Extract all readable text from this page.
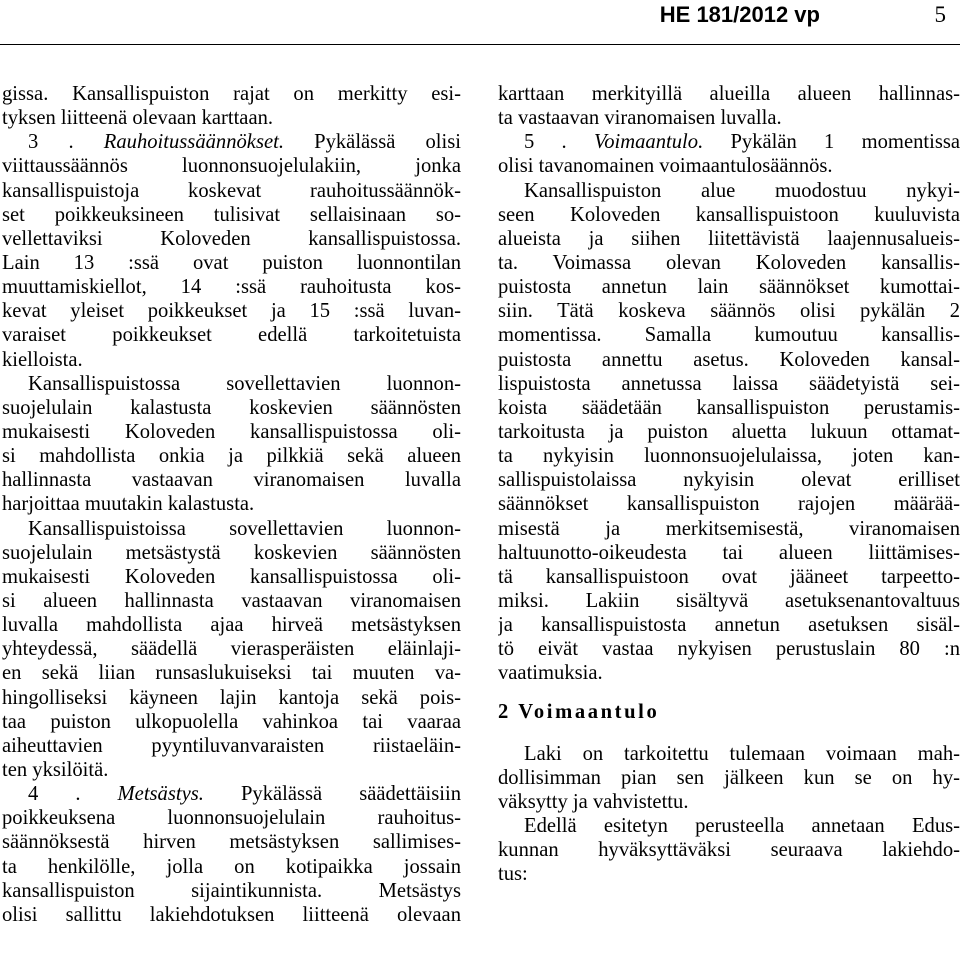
HE 181/2012 vp	5
gissa. Kansallispuiston rajat on merkitty esi-
tyksen liitteenä olevaan karttaan.
3 . Rauhoitussäännökset. Pykälässä olisi
viittaussäännös luonnonsuojelulakiin, jonka
kansallispuistoja koskevat rauhoitussäännök-
set poikkeuksineen tulisivat sellaisinaan so-
vellettaviksi Koloveden kansallispuistossa.
Lain 13 :ssä ovat puiston luonnontilan
muuttamiskiellot, 14 :ssä rauhoitusta kos-
kevat yleiset poikkeukset ja 15 :ssä luvan-
varaiset poikkeukset edellä tarkoitetuista
kielloista.
Kansallispuistossa sovellettavien luonnon-
suojelulain kalastusta koskevien säännösten
mukaisesti Koloveden kansallispuistossa oli-
si mahdollista onkia ja pilkkiä sekä alueen
hallinnasta vastaavan viranomaisen luvalla
harjoittaa muutakin kalastusta.
Kansallispuistoissa sovellettavien luonnon-
suojelulain metsästystä koskevien säännösten
mukaisesti Koloveden kansallispuistossa oli-
si alueen hallinnasta vastaavan viranomaisen
luvalla mahdollista ajaa hirveä metsästyksen
yhteydessä, säädellä vierasperäisten eläinlaji-
en sekä liian runsaslukuiseksi tai muuten va-
hingolliseksi käyneen lajin kantoja sekä pois-
taa puiston ulkopuolella vahinkoa tai vaaraa
aiheuttavien pyyntiluvanvaraisten riistaeläin-
ten yksilöitä.
4 . Metsästys. Pykälässä säädettäisiin
poikkeuksena luonnonsuojelulain rauhoitus-
säännöksestä hirven metsästyksen sallimises-
ta henkilölle, jolla on kotipaikka jossain
kansallispuiston sijaintikunnista. Metsästys
olisi sallittu lakiehdotuksen liitteenä olevaan
karttaan merkityillä alueilla alueen hallinnas-
ta vastaavan viranomaisen luvalla.
5 . Voimaantulo. Pykälän 1 momentissa
olisi tavanomainen voimaantulosäännös.
Kansallispuiston alue muodostuu nykyi-
seen Koloveden kansallispuistoon kuuluvista
alueista ja siihen liitettävistä laajennusalueis-
ta. Voimassa olevan Koloveden kansallis-
puistosta annetun lain säännökset kumottai-
siin. Tätä koskeva säännös olisi pykälän 2
momentissa. Samalla kumoutuu kansallis-
puistosta annettu asetus. Koloveden kansal-
lispuistosta annetussa laissa säädetyistä sei-
koista säädetään kansallispuiston perustamis-
tarkoitusta ja puiston aluetta lukuun ottamat-
ta nykyisin luonnonsuojelulaissa, joten kan-
sallispuistolaissa nykyisin olevat erilliset
säännökset kansallispuiston rajojen määrää-
misestä ja merkitsemisestä, viranomaisen
haltuunotto-oikeudesta tai alueen liittämises-
tä kansallispuistoon ovat jääneet tarpeetto-
miksi. Lakiin sisältyvä asetuksenantovaltuus
ja kansallispuistosta annetun asetuksen sisäl-
tö eivät vastaa nykyisen perustuslain 80 :n
vaatimuksia.
2 Voimaantulo
Laki on tarkoitettu tulemaan voimaan mah-
dollisimman pian sen jälkeen kun se on hy-
väksytty ja vahvistettu.
Edellä esitetyn perusteella annetaan Edus-
kunnan hyväksyttäväksi seuraava lakiehdo-
tus:
